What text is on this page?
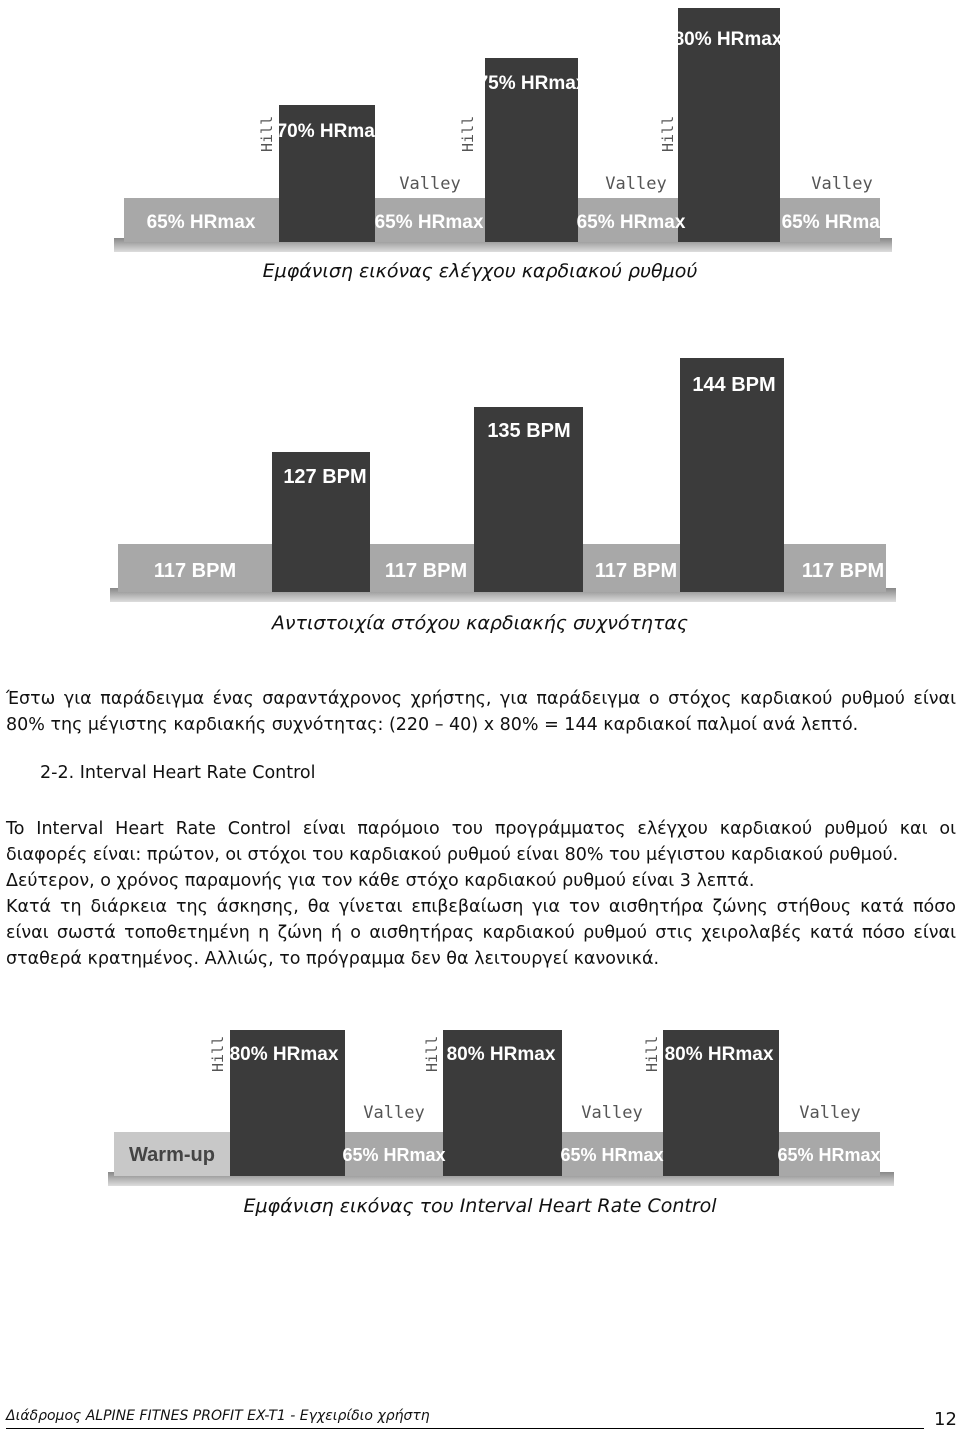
65% HRmax	65% HRmax	65% HRmax	65% HRmax
70% HRmax
75% HRmax
80% HRmax
Hill	Hill	Hill
Valley	Valley	Valley
Εμφάνιση εικόνας ελέγχου καρδιακού ρυθμού
117 BPM	117 BPM	117 BPM	117 BPM
127 BPM
135 BPM
144 BPM
Αντιστοιχία στόχου καρδιακής συχνότητας

Έστω για παράδειγμα ένας σαραντάχρονος χρήστης, για παράδειγμα ο στόχος καρδιακού ρυθμού είναι 80% της μέγιστης καρδιακής συχνότητας: (220 – 40) x 80% = 144 καρδιακοί παλμοί ανά λεπτό.

2-2. Interval Heart Rate Control

To Interval Heart Rate Control είναι παρόμοιο του προγράμματος ελέγχου καρδιακού ρυθμού και οι διαφορές είναι: πρώτον, οι στόχοι του καρδιακού ρυθμού είναι 80% του μέγιστου καρδιακού ρυθμού.

Δεύτερον, ο χρόνος παραμονής για τον κάθε στόχο καρδιακού ρυθμού είναι 3 λεπτά.

Κατά τη διάρκεια της άσκησης, θα γίνεται επιβεβαίωση για τον αισθητήρα ζώνης στήθους κατά πόσο είναι σωστά τοποθετημένη η ζώνη ή ο αισθητήρας καρδιακού ρυθμού στις χειρολαβές κατά πόσο είναι σταθερά κρατημένος. Αλλιώς, το πρόγραμμα δεν θα λειτουργεί κανονικά.

Warm-up	65% HRmax	65% HRmax	65% HRmax
80% HRmax	80% HRmax	80% HRmax
Hill	Hill	Hill
Valley	Valley	Valley
Εμφάνιση εικόνας του Interval Heart Rate Control
Διάδρομος ALPINE FITNES PROFIT EX-T1 - Εγχειρίδιο χρήστη	12
